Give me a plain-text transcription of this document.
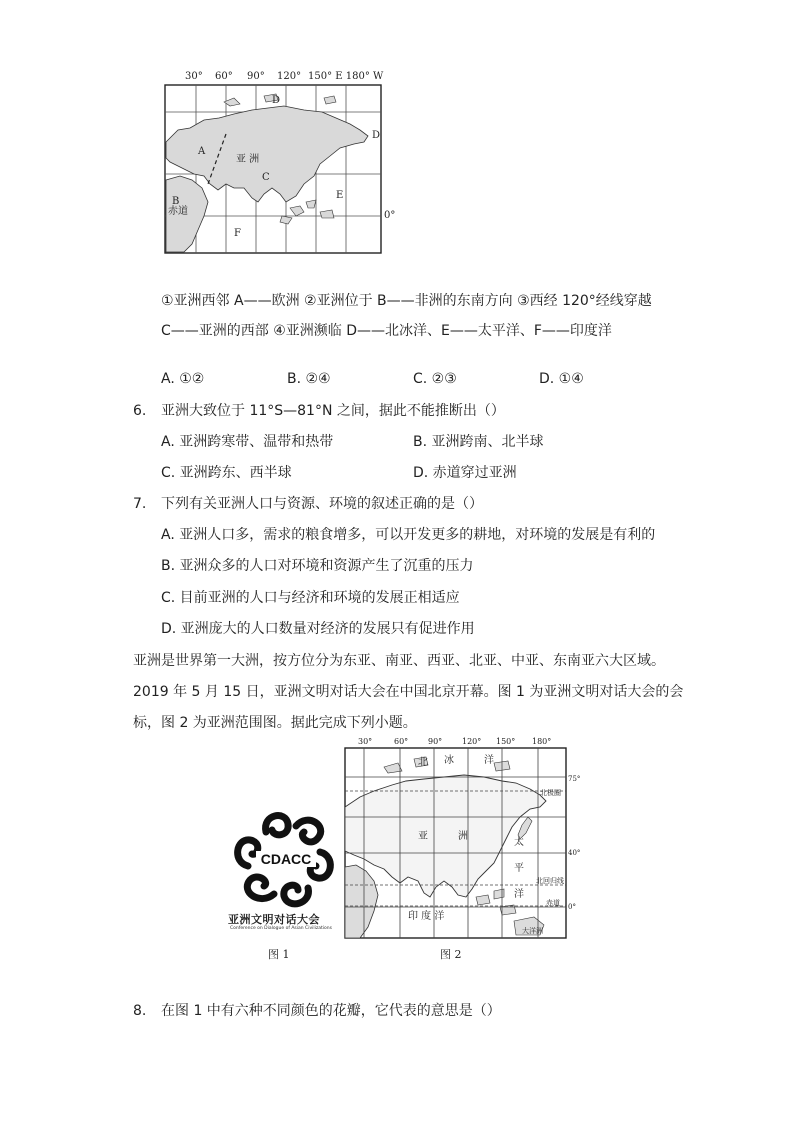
30° 60° 90° 120° 150° E 180° W
D
A
亚 洲
C
D
E
B
赤道
F
0°
①亚洲西邻 A——欧洲 ②亚洲位于 B——非洲的东南方向 ③西经 120°经线穿越
C——亚洲的西部 ④亚洲濒临 D——北冰洋、E——太平洋、F——印度洋
A. ①②	B. ②④	C. ②③	D. ①④
6. 亚洲大致位于 11°S—81°N 之间，据此不能推断出（）
A. 亚洲跨寒带、温带和热带	B. 亚洲跨南、北半球
C. 亚洲跨东、西半球	D. 赤道穿过亚洲
7. 下列有关亚洲人口与资源、环境的叙述正确的是（）
A. 亚洲人口多，需求的粮食增多，可以开发更多的耕地，对环境的发展是有利的
B. 亚洲众多的人口对环境和资源产生了沉重的压力
C. 目前亚洲的人口与经济和环境的发展正相适应
D. 亚洲庞大的人口数量对经济的发展只有促进作用
亚洲是世界第一大洲，按方位分为东亚、南亚、西亚、北亚、中亚、东南亚六大区域。
2019 年 5 月 15 日，亚洲文明对话大会在中国北京开幕。图 1 为亚洲文明对话大会的会
标，图 2 为亚洲范围图。据此完成下列小题。
CDACC
亚洲文明对话大会
Conference on Dialogue of Asian Civilizations
图 1
30°	60° 90° 120° 150° 180°
北 冰	洋
亚	洲
太
平
洋
印 度 洋
北极圈
北回归线
赤道
大洋洲
75°
40°
0°
图 2
8. 在图 1 中有六种不同颜色的花瓣，它代表的意思是（）
